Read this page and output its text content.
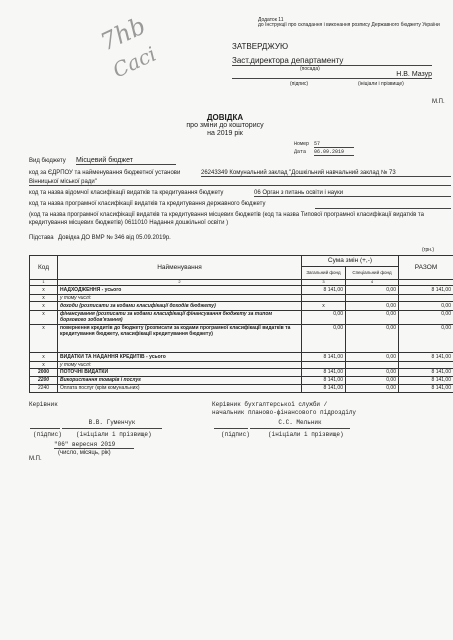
Додаток 11
до Інструкції про складання і виконання розпису Державного бюджету України
7hb
Сасі	ЗАТВЕРДЖУЮ
Заст.директора департаменту
(посада)
Н.В. Мазур
(підпис)	(ініціали і прізвище)
М.П.
ДОВІДКА
про зміни до кошторису
на 2019 рік
Номер 57
Дата 06.09.2019
Вид бюджету Місцевий бюджет
код за ЄДРПОУ та найменування бюджетної установи	26243349 Комунальний заклад "Дошкільний навчальний заклад № 73
Вінницької міської ради"
код та назва відомчої класифікації видатків та кредитування бюджету	06 Орган з питань освіти і науки
код та назва програмної класифікації видатків та кредитування державного бюджету
(код та назва програмної класифікації видатків та кредитування місцевих бюджетів (код та назва Типової програмної класифікації видатків та кредитування місцевих бюджетів) 0611010 Надання дошкільної освіти )
Підстава Довідка ДО ВМР № 346 від 05.09.2019р.
(грн.)
Код	Найменування	Сума змін (+,-)		РАЗОМ
		Загальний фонд	Спеціальний фонд	
1	2	3	4	
x	НАДХОДЖЕННЯ - усього	8 141,00	0,00	8 141,00
x	у тому числі:			
x	доходи (розписати за кодами класифікації доходів бюджету)	x	0,00	0,00
x	фінансування (розписати за кодами класифікації фінансування бюджету за типом боргового зобов'язання)	0,00	0,00	0,00
x	повернення кредитів до бюджету (розписати за кодами програмної класифікації видатків та кредитування бюджету, класифікації кредитування бюджету)	0,00	0,00	0,00
x	ВИДАТКИ ТА НАДАННЯ КРЕДИТІВ - усього	8 141,00	0,00	8 141,00
x	у тому числі:			
2000	ПОТОЧНІ ВИДАТКИ	8 141,00	0,00	8 141,00
2200	Використання товарів і послуг	8 141,00	0,00	8 141,00
2240	Оплата послуг (крім комунальних)	8 141,00	0,00	8 141,00
Керівник	Керівник бухгалтерської служби /
начальник планово-фінансового підрозділу
В.В. Гуменчук
(підпис) (ініціали і прізвище)
С.С. Мельник
(підпис)	(ініціали і прізвище)
"06" вересня 2019
(число, місяць, рік)
М.П.
